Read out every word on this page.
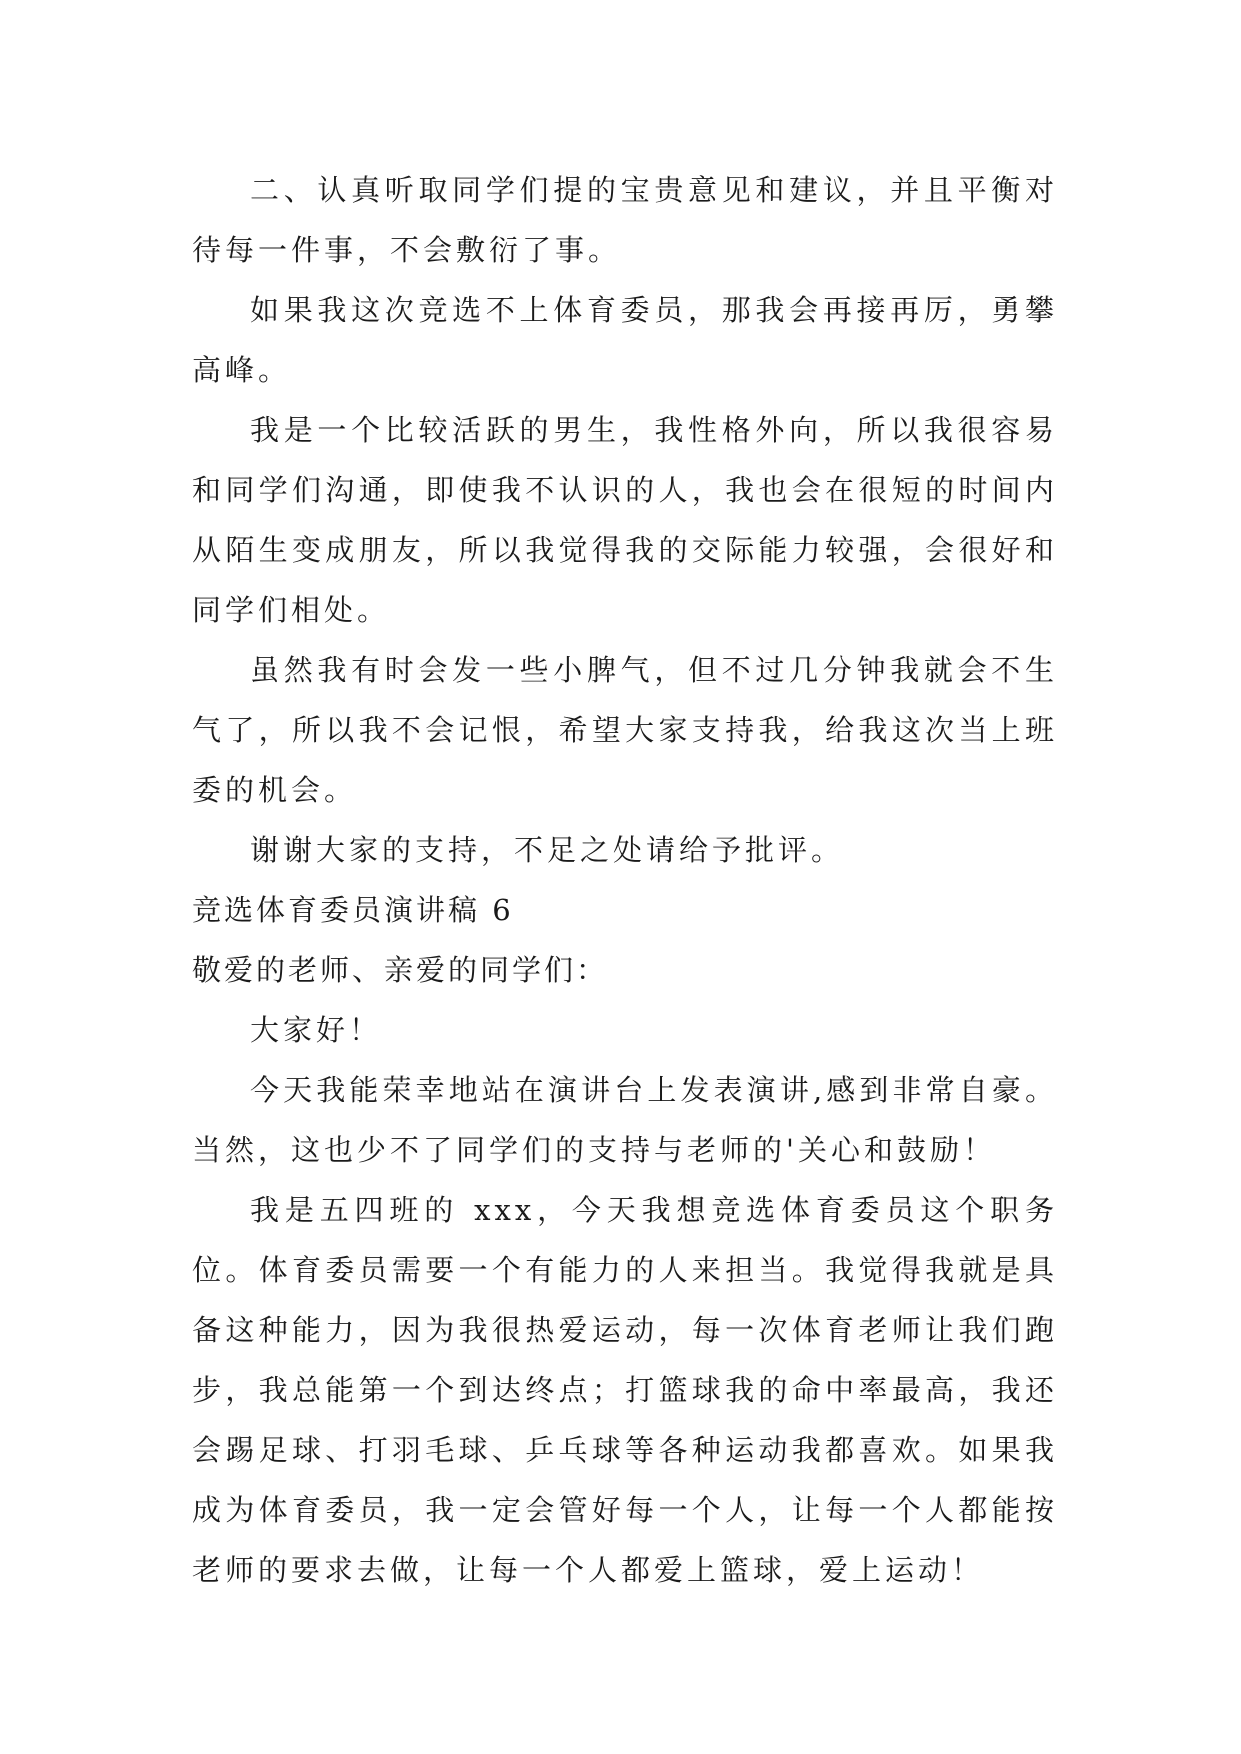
二、认真听取同学们提的宝贵意见和建议，并且平衡对待每一件事，不会敷衍了事。

如果我这次竞选不上体育委员，那我会再接再厉，勇攀高峰。

我是一个比较活跃的男生，我性格外向，所以我很容易和同学们沟通，即使我不认识的人，我也会在很短的时间内从陌生变成朋友，所以我觉得我的交际能力较强，会很好和同学们相处。

虽然我有时会发一些小脾气，但不过几分钟我就会不生气了，所以我不会记恨，希望大家支持我，给我这次当上班委的机会。

谢谢大家的支持，不足之处请给予批评。

竞选体育委员演讲稿 6

敬爱的老师、亲爱的同学们：

大家好！

今天我能荣幸地站在演讲台上发表演讲,感到非常自豪。当然，这也少不了同学们的支持与老师的'关心和鼓励！

我是五四班的 xxx，今天我想竞选体育委员这个职务位。体育委员需要一个有能力的人来担当。我觉得我就是具备这种能力，因为我很热爱运动，每一次体育老师让我们跑步，我总能第一个到达终点；打篮球我的命中率最高，我还会踢足球、打羽毛球、乒乓球等各种运动我都喜欢。如果我成为体育委员，我一定会管好每一个人，让每一个人都能按老师的要求去做，让每一个人都爱上篮球，爱上运动！
